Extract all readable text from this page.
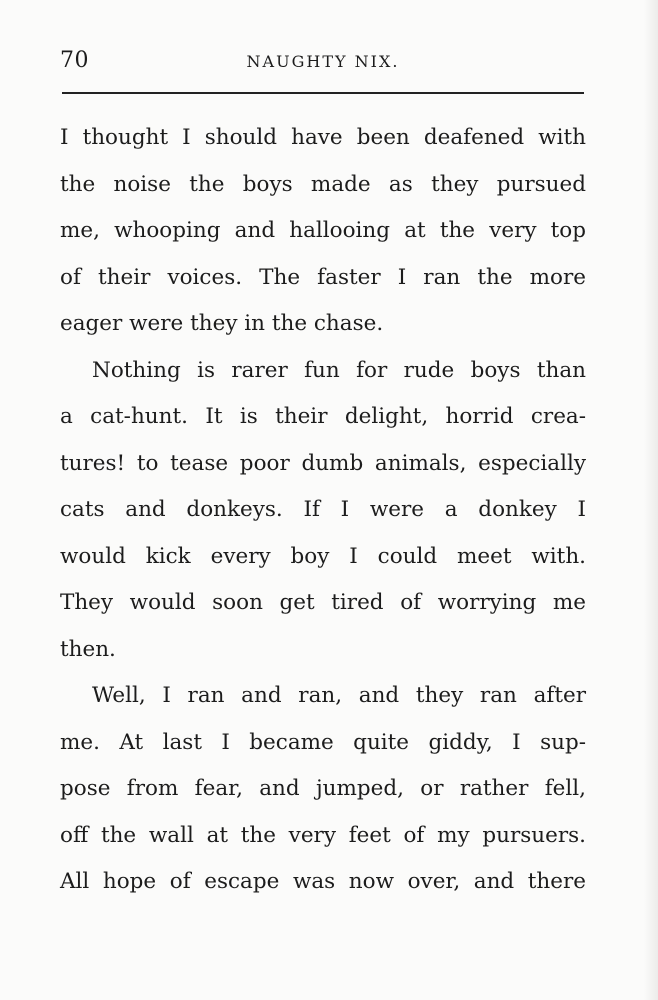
70	NAUGHTY NIX.
I thought I should have been deafened with
the noise the boys made as they pursued
me, whooping and hallooing at the very top
of their voices. The faster I ran the more
eager were they in the chase.
Nothing is rarer fun for rude boys than
a cat-hunt. It is their delight, horrid crea-
tures! to tease poor dumb animals, especially
cats and donkeys. If I were a donkey I
would kick every boy I could meet with.
They would soon get tired of worrying me
then.
Well, I ran and ran, and they ran after
me. At last I became quite giddy, I sup-
pose from fear, and jumped, or rather fell,
off the wall at the very feet of my pursuers.
All hope of escape was now over, and there
